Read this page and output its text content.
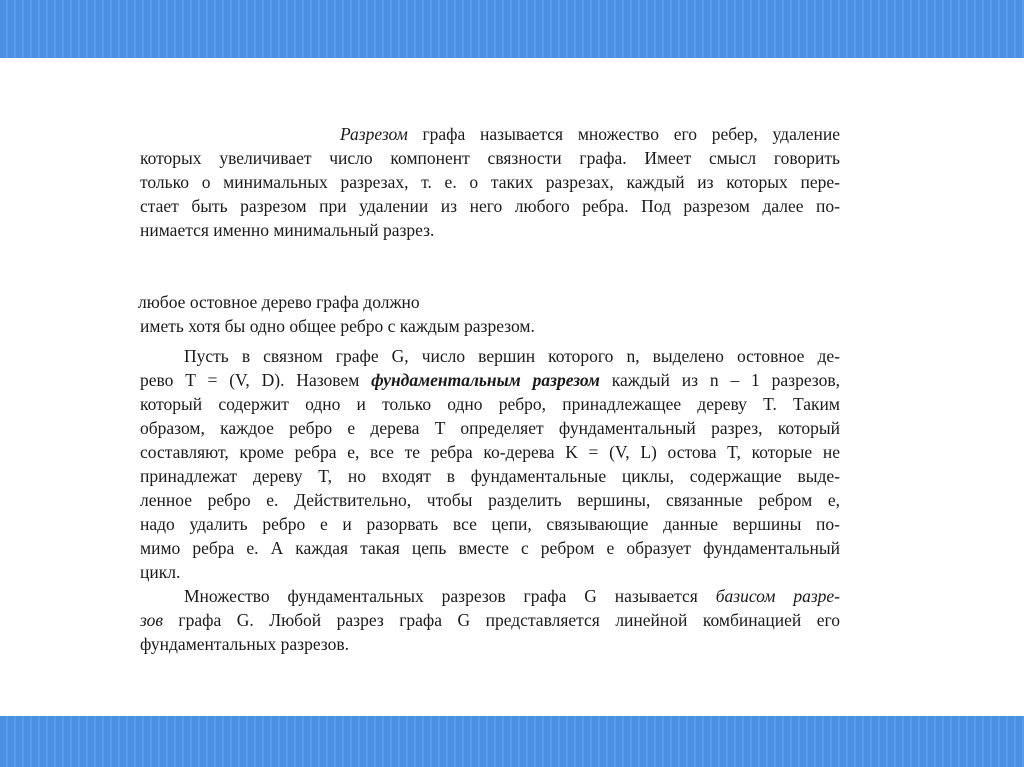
Разрезом графа называется множество его ребер, удаление
которых увеличивает число компонент связности графа. Имеет смысл говорить
только о минимальных разрезах, т. е. о таких разрезах, каждый из которых пере-
стает быть разрезом при удалении из него любого ребра. Под разрезом далее по-
нимается именно минимальный разрез.
любое остовное дерево графа должно
иметь хотя бы одно общее ребро с каждым разрезом.
Пусть в связном графе G, число вершин которого n, выделено остовное де-
рево T = (V, D). Назовем фундаментальным разрезом каждый из n – 1 разрезов,
который содержит одно и только одно ребро, принадлежащее дереву T. Таким
образом, каждое ребро e дерева T определяет фундаментальный разрез, который
составляют, кроме ребра e, все те ребра ко-дерева K = (V, L) остова T, которые не
принадлежат дереву T, но входят в фундаментальные циклы, содержащие выде-
ленное ребро e. Действительно, чтобы разделить вершины, связанные ребром e,
надо удалить ребро e и разорвать все цепи, связывающие данные вершины по-
мимо ребра e. А каждая такая цепь вместе с ребром e образует фундаментальный
цикл.
Множество фундаментальных разрезов графа G называется базисом разре-
зов графа G. Любой разрез графа G представляется линейной комбинацией его
фундаментальных разрезов.
